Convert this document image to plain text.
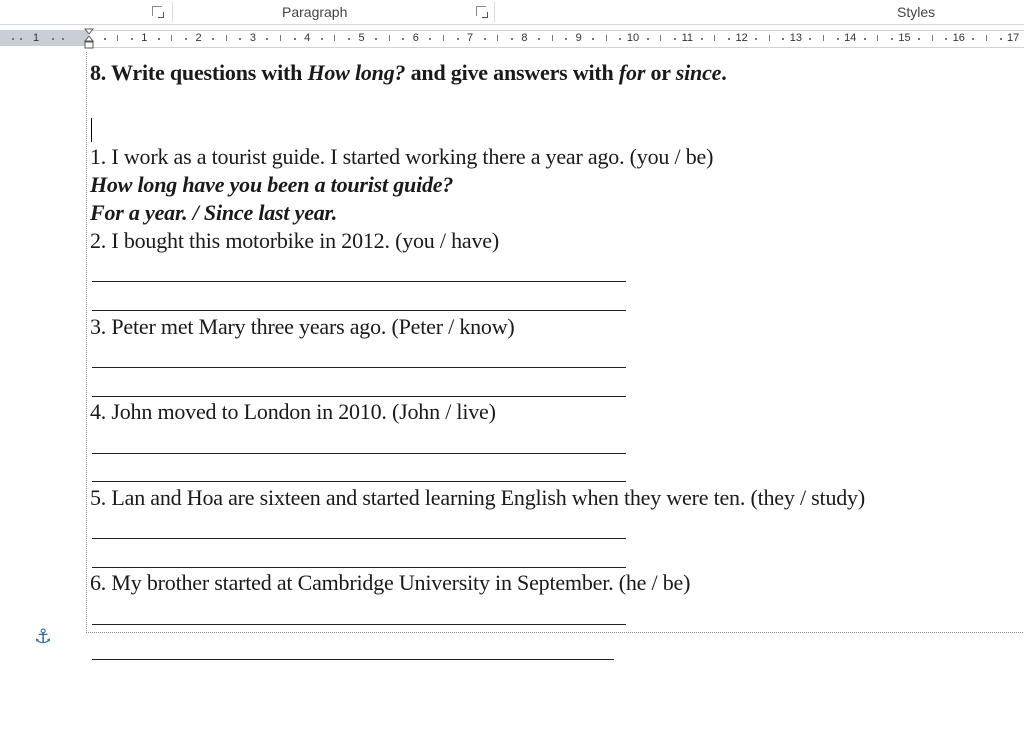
Paragraph	Styles
1	1	2	3	4	5	6	7	8	9	10	11	12	13	14	15	16	17
8. Write questions with How long? and give answers with for or since.
1. I work as a tourist guide. I started working there a year ago. (you / be)
How long have you been a tourist guide?
For a year. / Since last year.
2. I bought this motorbike in 2012. (you / have)
3. Peter met Mary three years ago. (Peter / know)
4. John moved to London in 2010. (John / live)
5. Lan and Hoa are sixteen and started learning English when they were ten. (they / study)
6. My brother started at Cambridge University in September. (he / be)
⚓
